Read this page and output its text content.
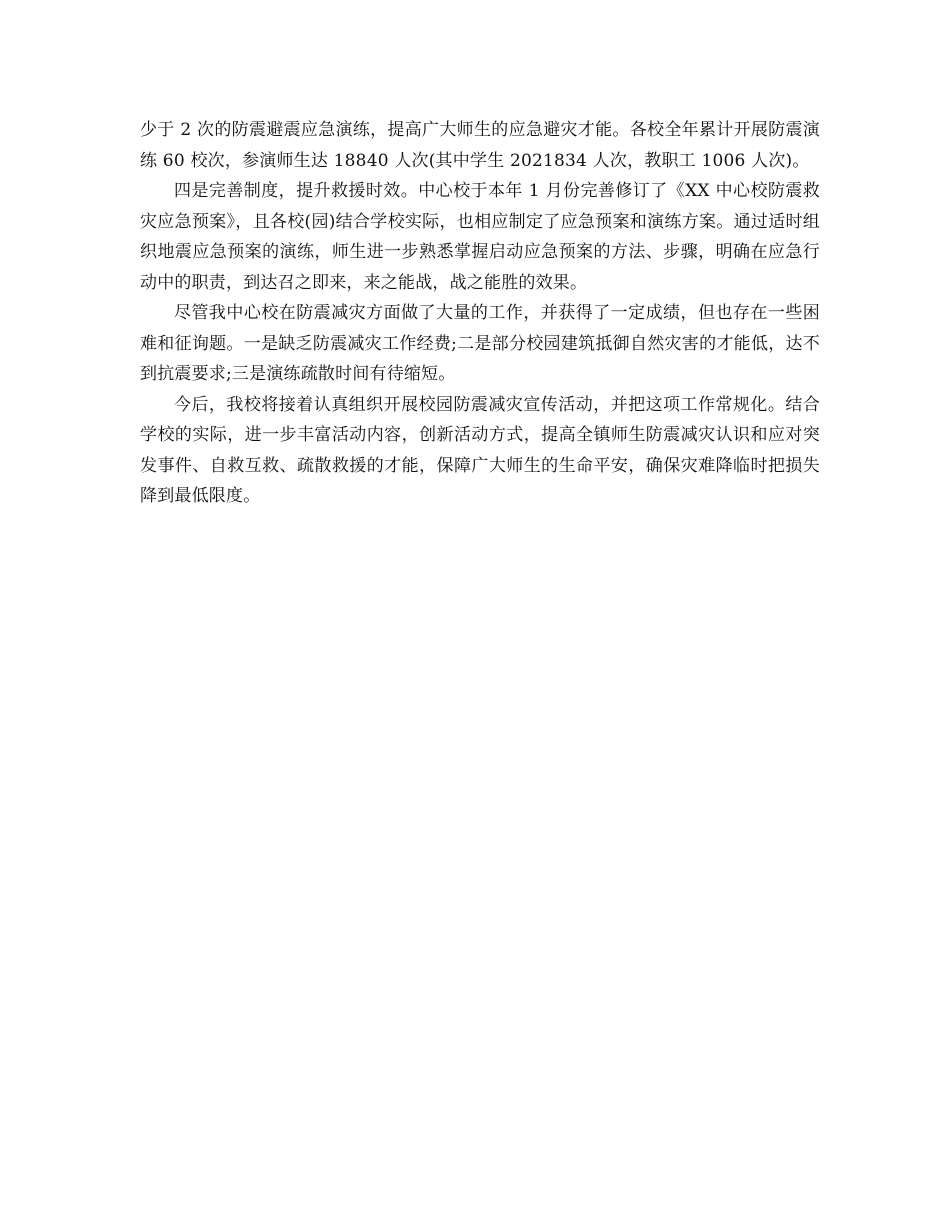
少于 2 次的防震避震应急演练，提高广大师生的应急避灾才能。各校全年累计开展防震演练 60 校次，参演师生达 18840 人次(其中学生 2021834 人次，教职工 1006 人次)。

四是完善制度，提升救援时效。中心校于本年 1 月份完善修订了《XX 中心校防震救灾应急预案》，且各校(园)结合学校实际，也相应制定了应急预案和演练方案。通过适时组织地震应急预案的演练，师生进一步熟悉掌握启动应急预案的方法、步骤，明确在应急行动中的职责，到达召之即来，来之能战，战之能胜的效果。

尽管我中心校在防震减灾方面做了大量的工作，并获得了一定成绩，但也存在一些困难和征询题。一是缺乏防震减灾工作经费;二是部分校园建筑抵御自然灾害的才能低，达不到抗震要求;三是演练疏散时间有待缩短。

今后，我校将接着认真组织开展校园防震减灾宣传活动，并把这项工作常规化。结合学校的实际，进一步丰富活动内容，创新活动方式，提高全镇师生防震减灾认识和应对突发事件、自救互救、疏散救援的才能，保障广大师生的生命平安，确保灾难降临时把损失降到最低限度。
